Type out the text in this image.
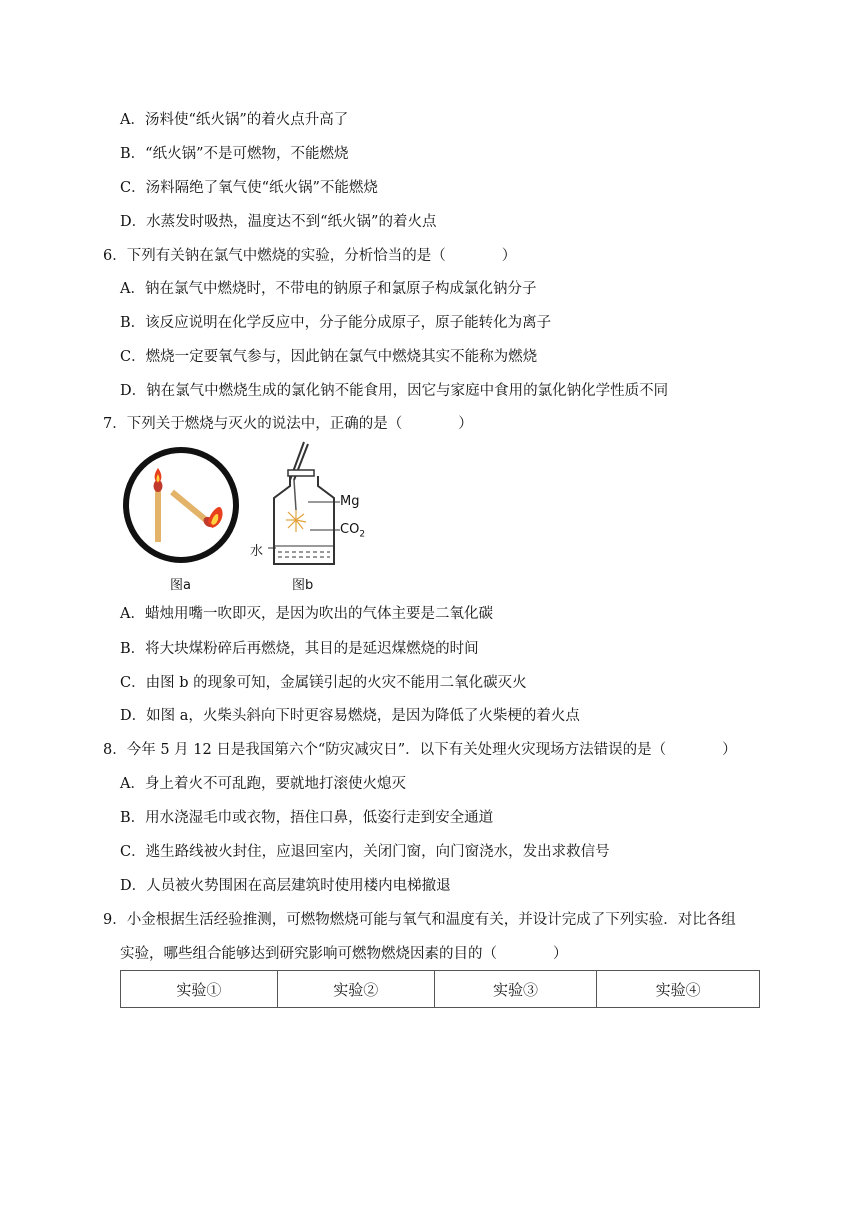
A．汤料使“纸火锅”的着火点升高了
B．“纸火锅”不是可燃物，不能燃烧
C．汤料隔绝了氧气使“纸火锅”不能燃烧
D．水蒸发时吸热，温度达不到“纸火锅”的着火点
6．下列有关钠在氯气中燃烧的实验，分析恰当的是（	）
A．钠在氯气中燃烧时，不带电的钠原子和氯原子构成氯化钠分子
B．该反应说明在化学反应中，分子能分成原子，原子能转化为离子
C．燃烧一定要氧气参与，因此钠在氯气中燃烧其实不能称为燃烧
D．钠在氯气中燃烧生成的氯化钠不能食用，因它与家庭中食用的氯化钠化学性质不同
7．下列关于燃烧与灭火的说法中，正确的是（	）
图a
Mg
$CO_2$
水
图b
A．蜡烛用嘴一吹即灭，是因为吹出的气体主要是二氧化碳
B．将大块煤粉碎后再燃烧，其目的是延迟煤燃烧的时间
C．由图 b 的现象可知，金属镁引起的火灾不能用二氧化碳灭火
D．如图 a，火柴头斜向下时更容易燃烧，是因为降低了火柴梗的着火点
8．今年 5 月 12 日是我国第六个“防灾减灾日”．以下有关处理火灾现场方法错误的是（	）
A．身上着火不可乱跑，要就地打滚使火熄灭
B．用水浇湿毛巾或衣物，捂住口鼻，低姿行走到安全通道
C．逃生路线被火封住，应退回室内，关闭门窗，向门窗浇水，发出求救信号
D．人员被火势围困在高层建筑时使用楼内电梯撤退
9．小金根据生活经验推测，可燃物燃烧可能与氧气和温度有关，并设计完成了下列实验．对比各组
实验，哪些组合能够达到研究影响可燃物燃烧因素的目的（	）
实验①	实验②	实验③	实验④
